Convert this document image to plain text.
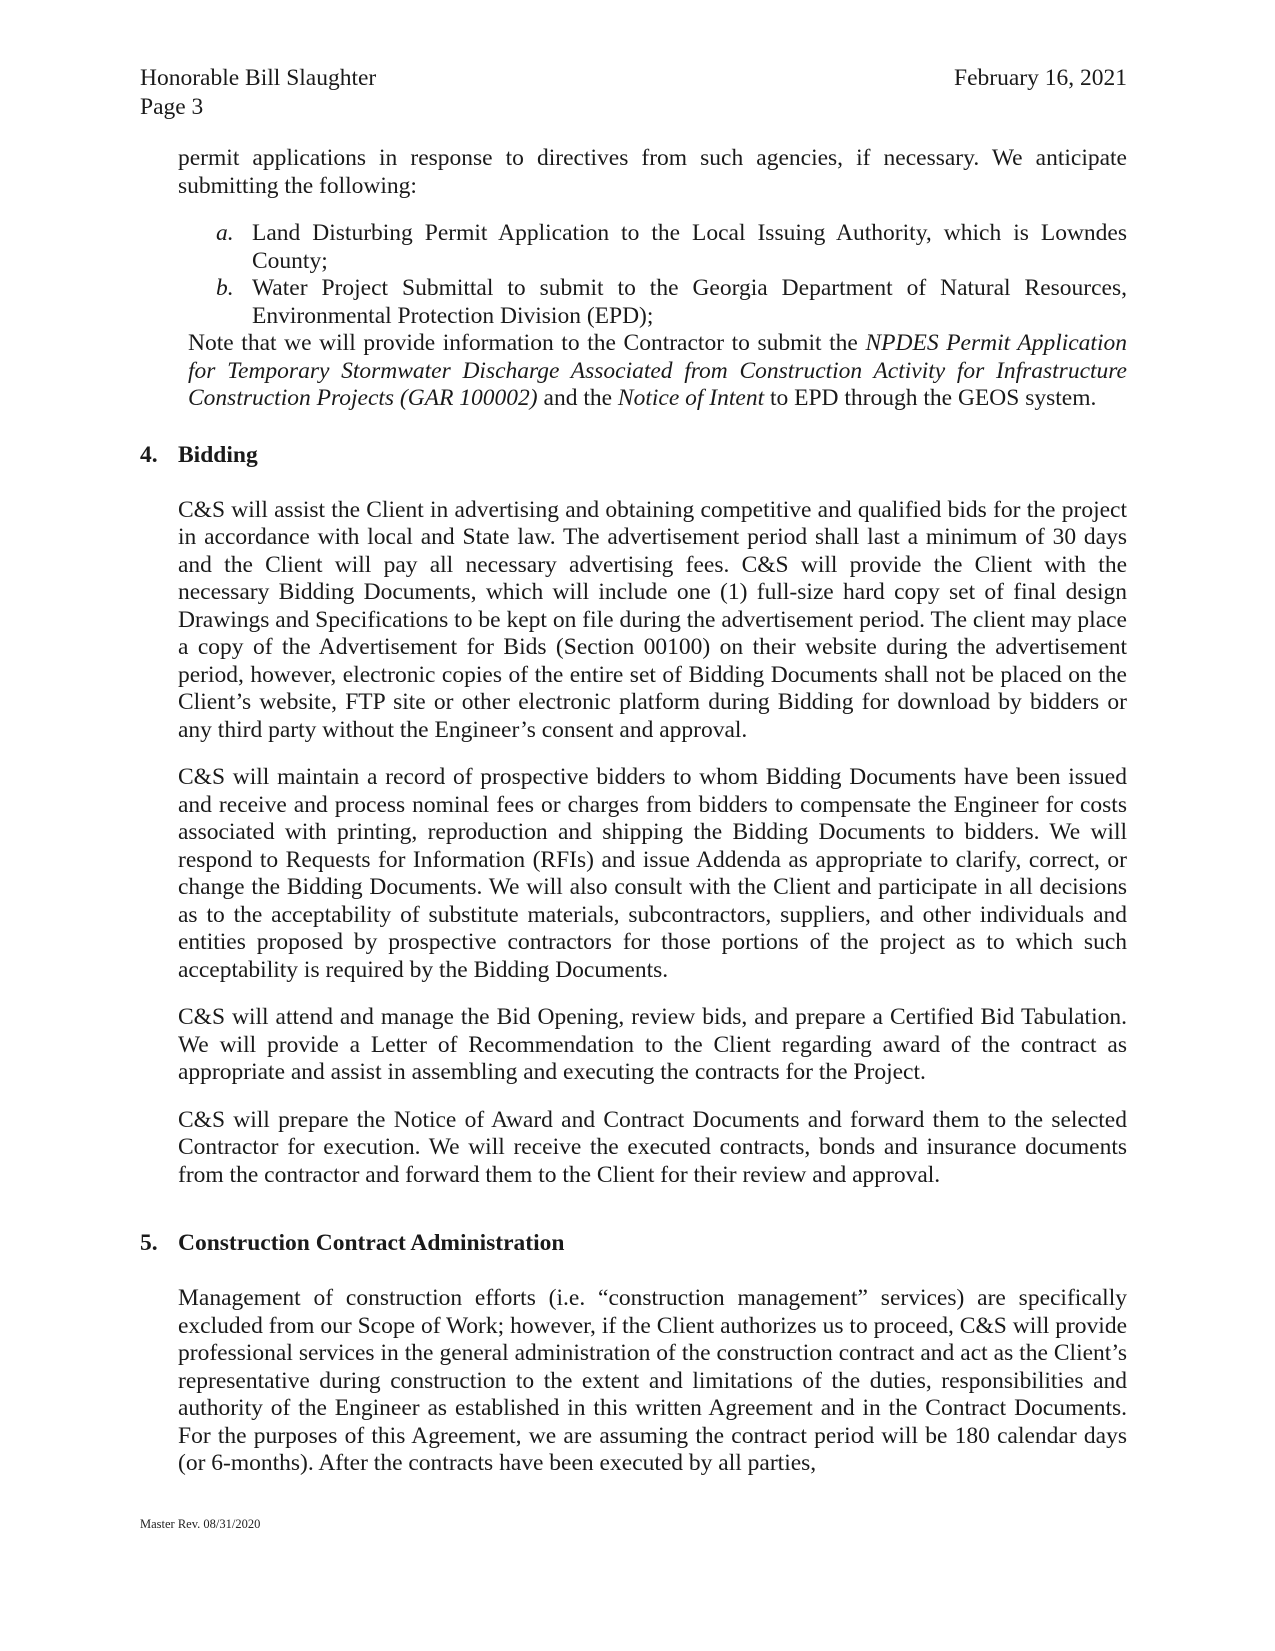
Honorable Bill Slaughter	February 16, 2021
Page 3

permit applications in response to directives from such agencies, if necessary. We anticipate submitting the following:

a. Land Disturbing Permit Application to the Local Issuing Authority, which is Lowndes County;
b. Water Project Submittal to submit to the Georgia Department of Natural Resources, Environmental Protection Division (EPD);
Note that we will provide information to the Contractor to submit the NPDES Permit Application for Temporary Stormwater Discharge Associated from Construction Activity for Infrastructure Construction Projects (GAR 100002) and the Notice of Intent to EPD through the GEOS system.
4. Bidding

C&S will assist the Client in advertising and obtaining competitive and qualified bids for the project in accordance with local and State law. The advertisement period shall last a minimum of 30 days and the Client will pay all necessary advertising fees. C&S will provide the Client with the necessary Bidding Documents, which will include one (1) full-size hard copy set of final design Drawings and Specifications to be kept on file during the advertisement period. The client may place a copy of the Advertisement for Bids (Section 00100) on their website during the advertisement period, however, electronic copies of the entire set of Bidding Documents shall not be placed on the Client’s website, FTP site or other electronic platform during Bidding for download by bidders or any third party without the Engineer’s consent and approval.

C&S will maintain a record of prospective bidders to whom Bidding Documents have been issued and receive and process nominal fees or charges from bidders to compensate the Engineer for costs associated with printing, reproduction and shipping the Bidding Documents to bidders. We will respond to Requests for Information (RFIs) and issue Addenda as appropriate to clarify, correct, or change the Bidding Documents. We will also consult with the Client and participate in all decisions as to the acceptability of substitute materials, subcontractors, suppliers, and other individuals and entities proposed by prospective contractors for those portions of the project as to which such acceptability is required by the Bidding Documents.

C&S will attend and manage the Bid Opening, review bids, and prepare a Certified Bid Tabulation. We will provide a Letter of Recommendation to the Client regarding award of the contract as appropriate and assist in assembling and executing the contracts for the Project.

C&S will prepare the Notice of Award and Contract Documents and forward them to the selected Contractor for execution. We will receive the executed contracts, bonds and insurance documents from the contractor and forward them to the Client for their review and approval.

5. Construction Contract Administration

Management of construction efforts (i.e. “construction management” services) are specifically excluded from our Scope of Work; however, if the Client authorizes us to proceed, C&S will provide professional services in the general administration of the construction contract and act as the Client’s representative during construction to the extent and limitations of the duties, responsibilities and authority of the Engineer as established in this written Agreement and in the Contract Documents. For the purposes of this Agreement, we are assuming the contract period will be 180 calendar days (or 6-months). After the contracts have been executed by all parties,

Master Rev. 08/31/2020
